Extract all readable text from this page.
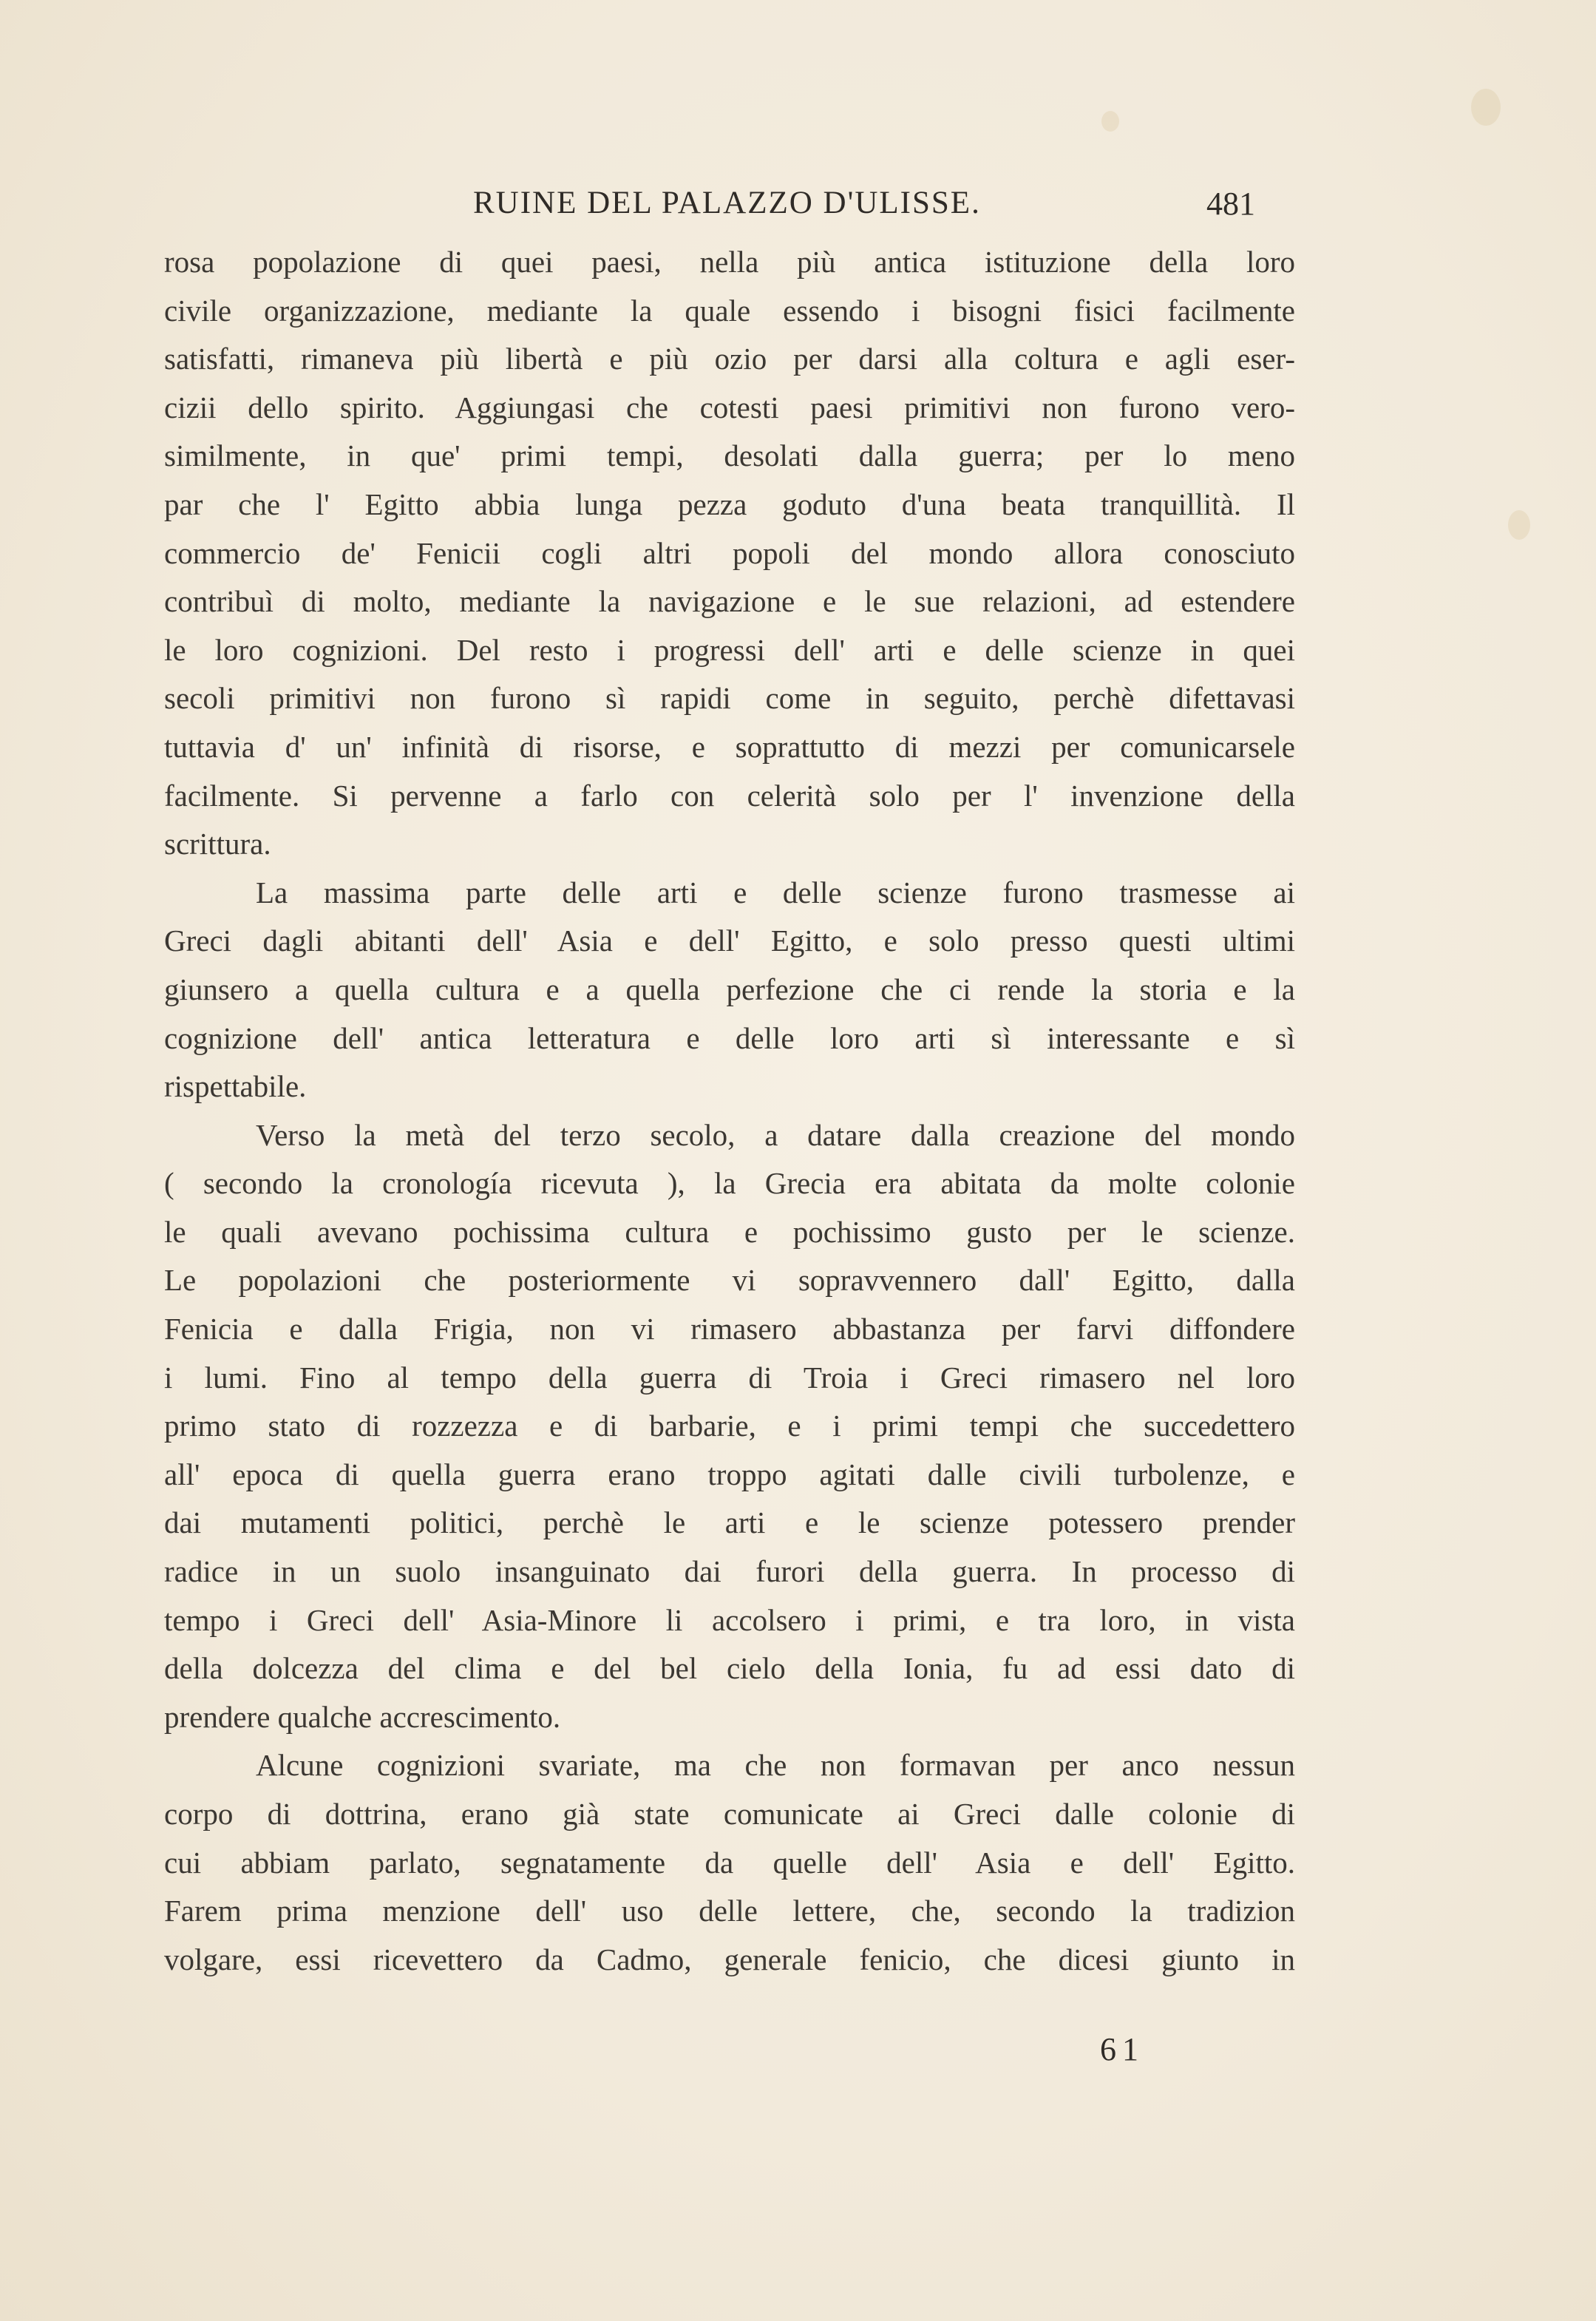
RUINE DEL PALAZZO D'ULISSE.	481
rosa popolazione di quei paesi, nella più antica istituzione della loro
civile organizzazione, mediante la quale essendo i bisogni fisici facilmente
satisfatti, rimaneva più libertà e più ozio per darsi alla coltura e agli eser-
cizii dello spirito. Aggiungasi che cotesti paesi primitivi non furono vero-
similmente, in que' primi tempi, desolati dalla guerra; per lo meno
par che l' Egitto abbia lunga pezza goduto d'una beata tranquillità. Il
commercio de' Fenicii cogli altri popoli del mondo allora conosciuto
contribuì di molto, mediante la navigazione e le sue relazioni, ad estendere
le loro cognizioni. Del resto i progressi dell' arti e delle scienze in quei
secoli primitivi non furono sì rapidi come in seguito, perchè difettavasi
tuttavia d' un' infinità di risorse, e soprattutto di mezzi per comunicarsele
facilmente. Si pervenne a farlo con celerità solo per l' invenzione della
scrittura.
La massima parte delle arti e delle scienze furono trasmesse ai
Greci dagli abitanti dell' Asia e dell' Egitto, e solo presso questi ultimi
giunsero a quella cultura e a quella perfezione che ci rende la storia e la
cognizione dell' antica letteratura e delle loro arti sì interessante e sì
rispettabile.
Verso la metà del terzo secolo, a datare dalla creazione del mondo
( secondo la cronología ricevuta ), la Grecia era abitata da molte colonie
le quali avevano pochissima cultura e pochissimo gusto per le scienze.
Le popolazioni che posteriormente vi sopravvennero dall' Egitto, dalla
Fenicia e dalla Frigia, non vi rimasero abbastanza per farvi diffondere
i lumi. Fino al tempo della guerra di Troia i Greci rimasero nel loro
primo stato di rozzezza e di barbarie, e i primi tempi che succedettero
all' epoca di quella guerra erano troppo agitati dalle civili turbolenze, e
dai mutamenti politici, perchè le arti e le scienze potessero prender
radice in un suolo insanguinato dai furori della guerra. In processo di
tempo i Greci dell' Asia-Minore li accolsero i primi, e tra loro, in vista
della dolcezza del clima e del bel cielo della Ionia, fu ad essi dato di
prendere qualche accrescimento.
Alcune cognizioni svariate, ma che non formavan per anco nessun
corpo di dottrina, erano già state comunicate ai Greci dalle colonie di
cui abbiam parlato, segnatamente da quelle dell' Asia e dell' Egitto.
Farem prima menzione dell' uso delle lettere, che, secondo la tradizion
volgare, essi ricevettero da Cadmo, generale fenicio, che dicesi giunto in
61
